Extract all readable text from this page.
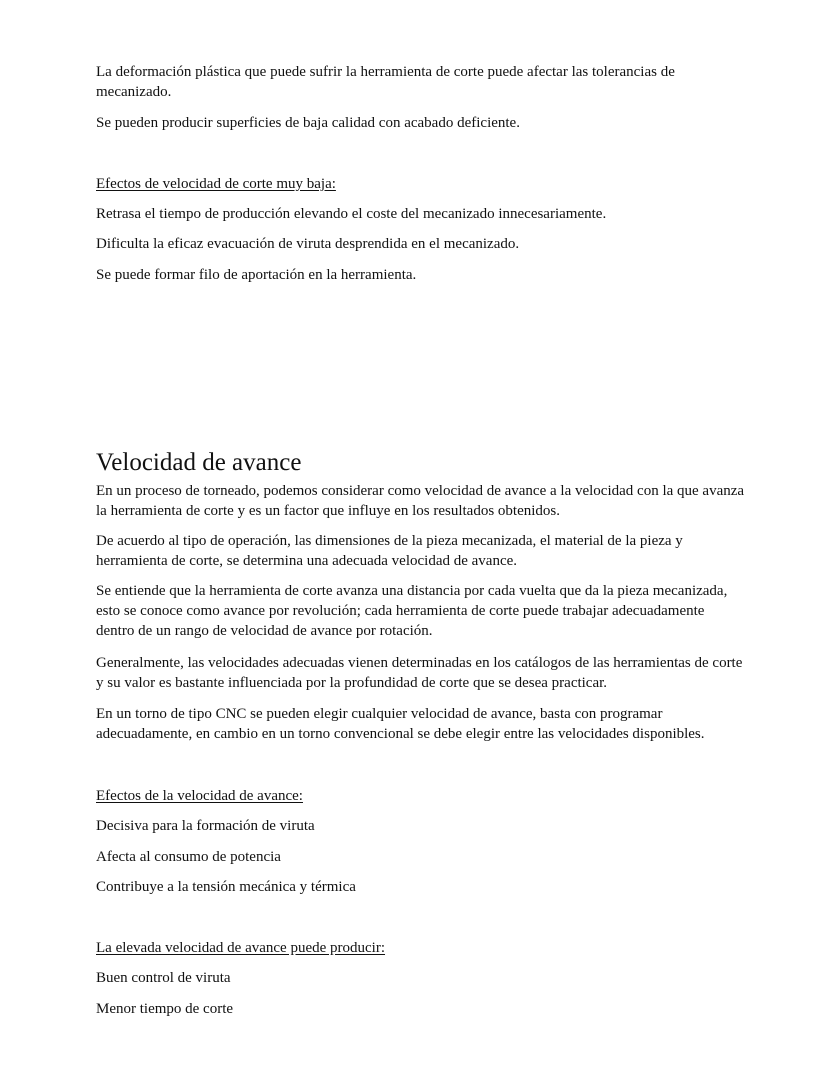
La deformación plástica que puede sufrir la herramienta de corte puede afectar las tolerancias de mecanizado.

Se pueden producir superficies de baja calidad con acabado deficiente.

Efectos de velocidad de corte muy baja:

Retrasa el tiempo de producción elevando el coste del mecanizado innecesariamente.

Dificulta la eficaz evacuación de viruta desprendida en el mecanizado.

Se puede formar filo de aportación en la herramienta.

Velocidad de avance

En un proceso de torneado, podemos considerar como velocidad de avance a la velocidad con la que avanza la herramienta de corte y es un factor que influye en los resultados obtenidos.

De acuerdo al tipo de operación, las dimensiones de la pieza mecanizada, el material de la pieza y herramienta de corte, se determina una adecuada velocidad de avance.

Se entiende que la herramienta de corte avanza una distancia por cada vuelta que da la pieza mecanizada, esto se conoce como avance por revolución; cada herramienta de corte puede trabajar adecuadamente dentro de un rango de velocidad de avance por rotación.

Generalmente, las velocidades adecuadas vienen determinadas en los catálogos de las herramientas de corte y su valor es bastante influenciada por la profundidad de corte que se desea practicar.

En un torno de tipo CNC se pueden elegir cualquier velocidad de avance, basta con programar adecuadamente, en cambio en un torno convencional se debe elegir entre las velocidades disponibles.

Efectos de la velocidad de avance:

Decisiva para la formación de viruta

Afecta al consumo de potencia

Contribuye a la tensión mecánica y térmica

La elevada velocidad de avance puede producir:

Buen control de viruta

Menor tiempo de corte
